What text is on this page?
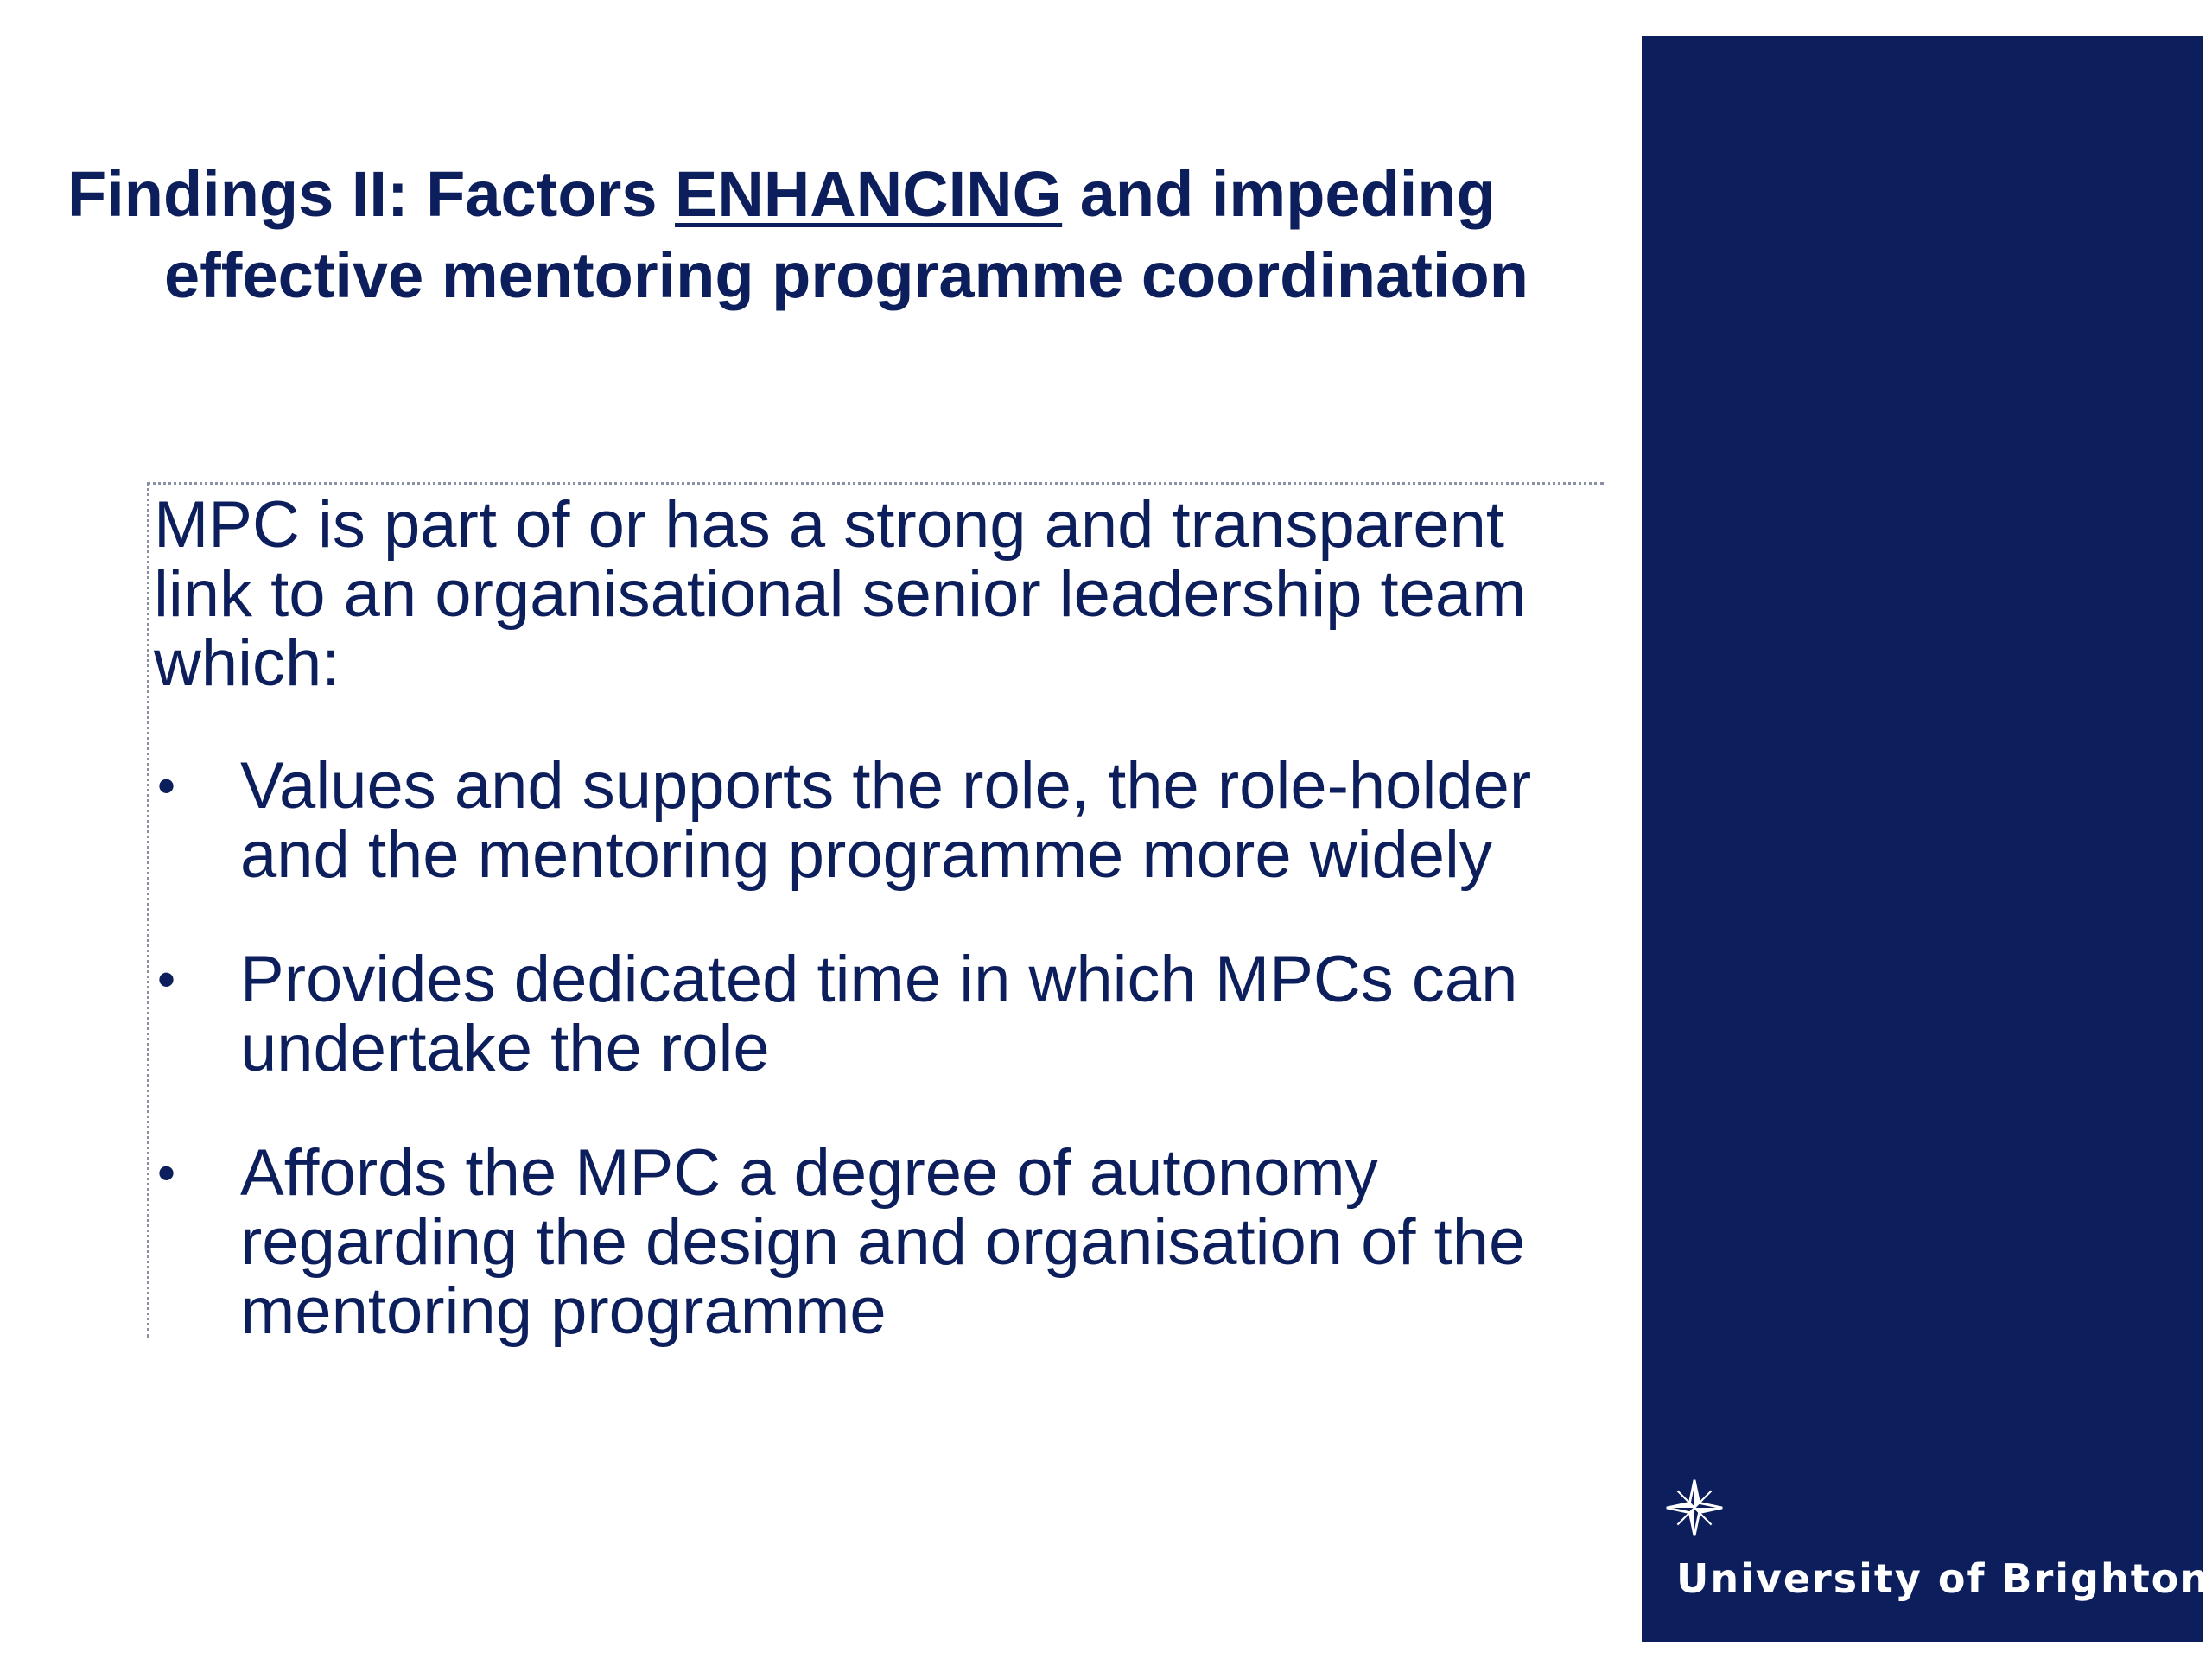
Findings II: Factors ENHANCING and impeding
effective mentoring programme coordination
MPC is part of or has a strong and transparent link to an organisational senior leadership team which:
• Values and supports the role, the role-holder and the mentoring programme more widely
• Provides dedicated time in which MPCs can undertake the role
• Affords the MPC a degree of autonomy regarding the design and organisation of the mentoring programme
University of Brighton
